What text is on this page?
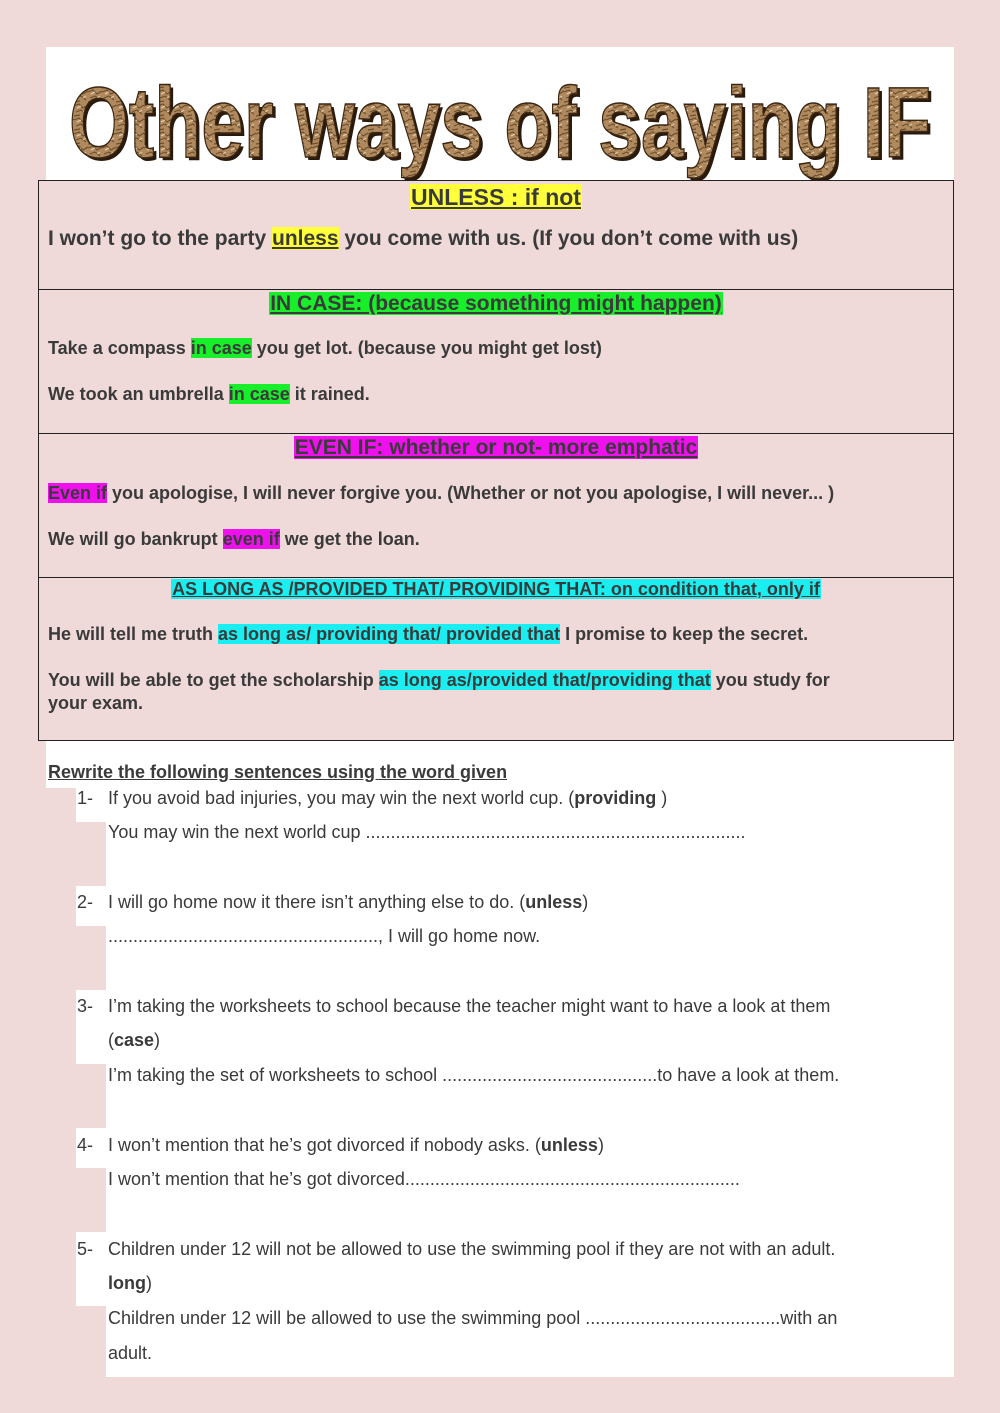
Other ways of saying IF
Other ways of saying IF
UNLESS : if not
I won’t go to the party unless you come with us. (If you don’t come with us)
IN CASE: (because something might happen)
Take a compass in case you get lot. (because you might get lost)
We took an umbrella in case it rained.
EVEN IF: whether or not- more emphatic
Even if you apologise, I will never forgive you. (Whether or not you apologise, I will never... )
We will go bankrupt even if we get the loan.
AS LONG AS /PROVIDED THAT/ PROVIDING THAT: on condition that, only if
He will tell me truth as long as/ providing that/ provided that I promise to keep the secret.
You will be able to get the scholarship as long as/provided that/providing that you study for
your exam.
Rewrite the following sentences using the word given
1- If you avoid bad injuries, you may win the next world cup. (providing )
You may win the next world cup ............................................................................
2- I will go home now it there isn’t anything else to do. (unless)
......................................................, I will go home now.
3- I’m taking the worksheets to school because the teacher might want to have a look at them
(case)
I’m taking the set of worksheets to school ...........................................to have a look at them.
4- I won’t mention that he’s got divorced if nobody asks. (unless)
I won’t mention that he’s got divorced...................................................................
5- Children under 12 will not be allowed to use the swimming pool if they are not with an adult.
long)
Children under 12 will be allowed to use the swimming pool .......................................with an
adult.
